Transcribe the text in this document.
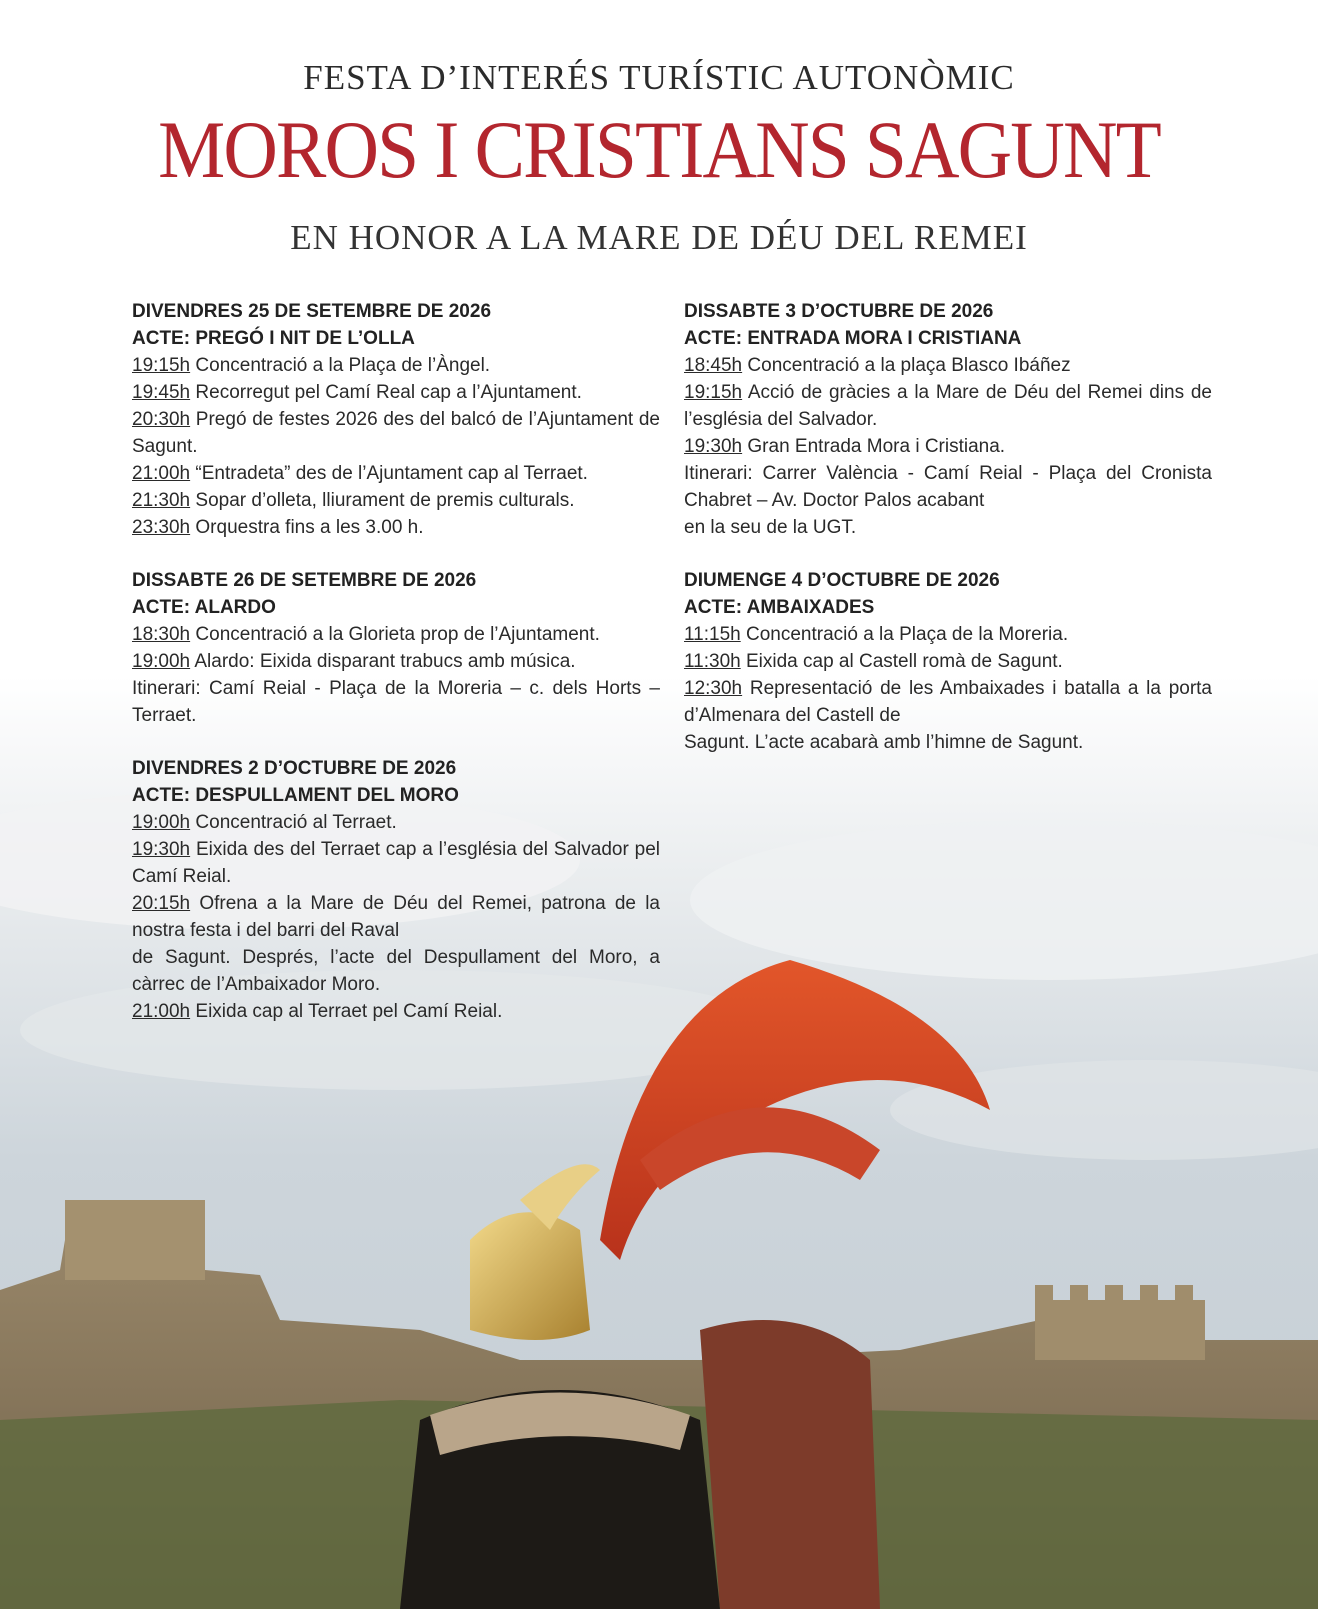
FESTA D’INTERÉS TURÍSTIC AUTONÒMIC
MOROS I CRISTIANS SAGUNT
EN HONOR A LA MARE DE DÉU DEL REMEI
DIVENDRES 25 DE SETEMBRE DE 2026
ACTE: PREGÓ I NIT DE L’OLLA

19:15h Concentració a la Plaça de l’Àngel.

19:45h Recorregut pel Camí Real cap a l’Ajuntament.

20:30h Pregó de festes 2026 des del balcó de l’Ajuntament de Sagunt.

21:00h “Entradeta” des de l’Ajuntament cap al Terraet.

21:30h Sopar d’olleta, lliurament de premis culturals.

23:30h Orquestra fins a les 3.00 h.

DISSABTE 26 DE SETEMBRE DE 2026
ACTE: ALARDO

18:30h Concentració a la Glorieta prop de l’Ajuntament.

19:00h Alardo: Eixida disparant trabucs amb música.

Itinerari: Camí Reial - Plaça de la Moreria – c. dels Horts – Terraet.

DIVENDRES 2 D’OCTUBRE DE 2026
ACTE: DESPULLAMENT DEL MORO

19:00h Concentració al Terraet.

19:30h Eixida des del Terraet cap a l’església del Salvador pel Camí Reial.

20:15h Ofrena a la Mare de Déu del Remei, patrona de la nostra festa i del barri del Raval

de Sagunt. Després, l’acte del Despullament del Moro, a càrrec de l’Ambaixador Moro.

21:00h Eixida cap al Terraet pel Camí Reial.

DISSABTE 3 D’OCTUBRE DE 2026
ACTE: ENTRADA MORA I CRISTIANA

18:45h Concentració a la plaça Blasco Ibáñez

19:15h Acció de gràcies a la Mare de Déu del Remei dins de l’església del Salvador.

19:30h Gran Entrada Mora i Cristiana.

Itinerari: Carrer València - Camí Reial - Plaça del Cronista Chabret – Av. Doctor Palos acabant

en la seu de la UGT.

DIUMENGE 4 D’OCTUBRE DE 2026
ACTE: AMBAIXADES

11:15h Concentració a la Plaça de la Moreria.

11:30h Eixida cap al Castell romà de Sagunt.

12:30h Representació de les Ambaixades i batalla a la porta d’Almenara del Castell de

Sagunt. L’acte acabarà amb l’himne de Sagunt.
